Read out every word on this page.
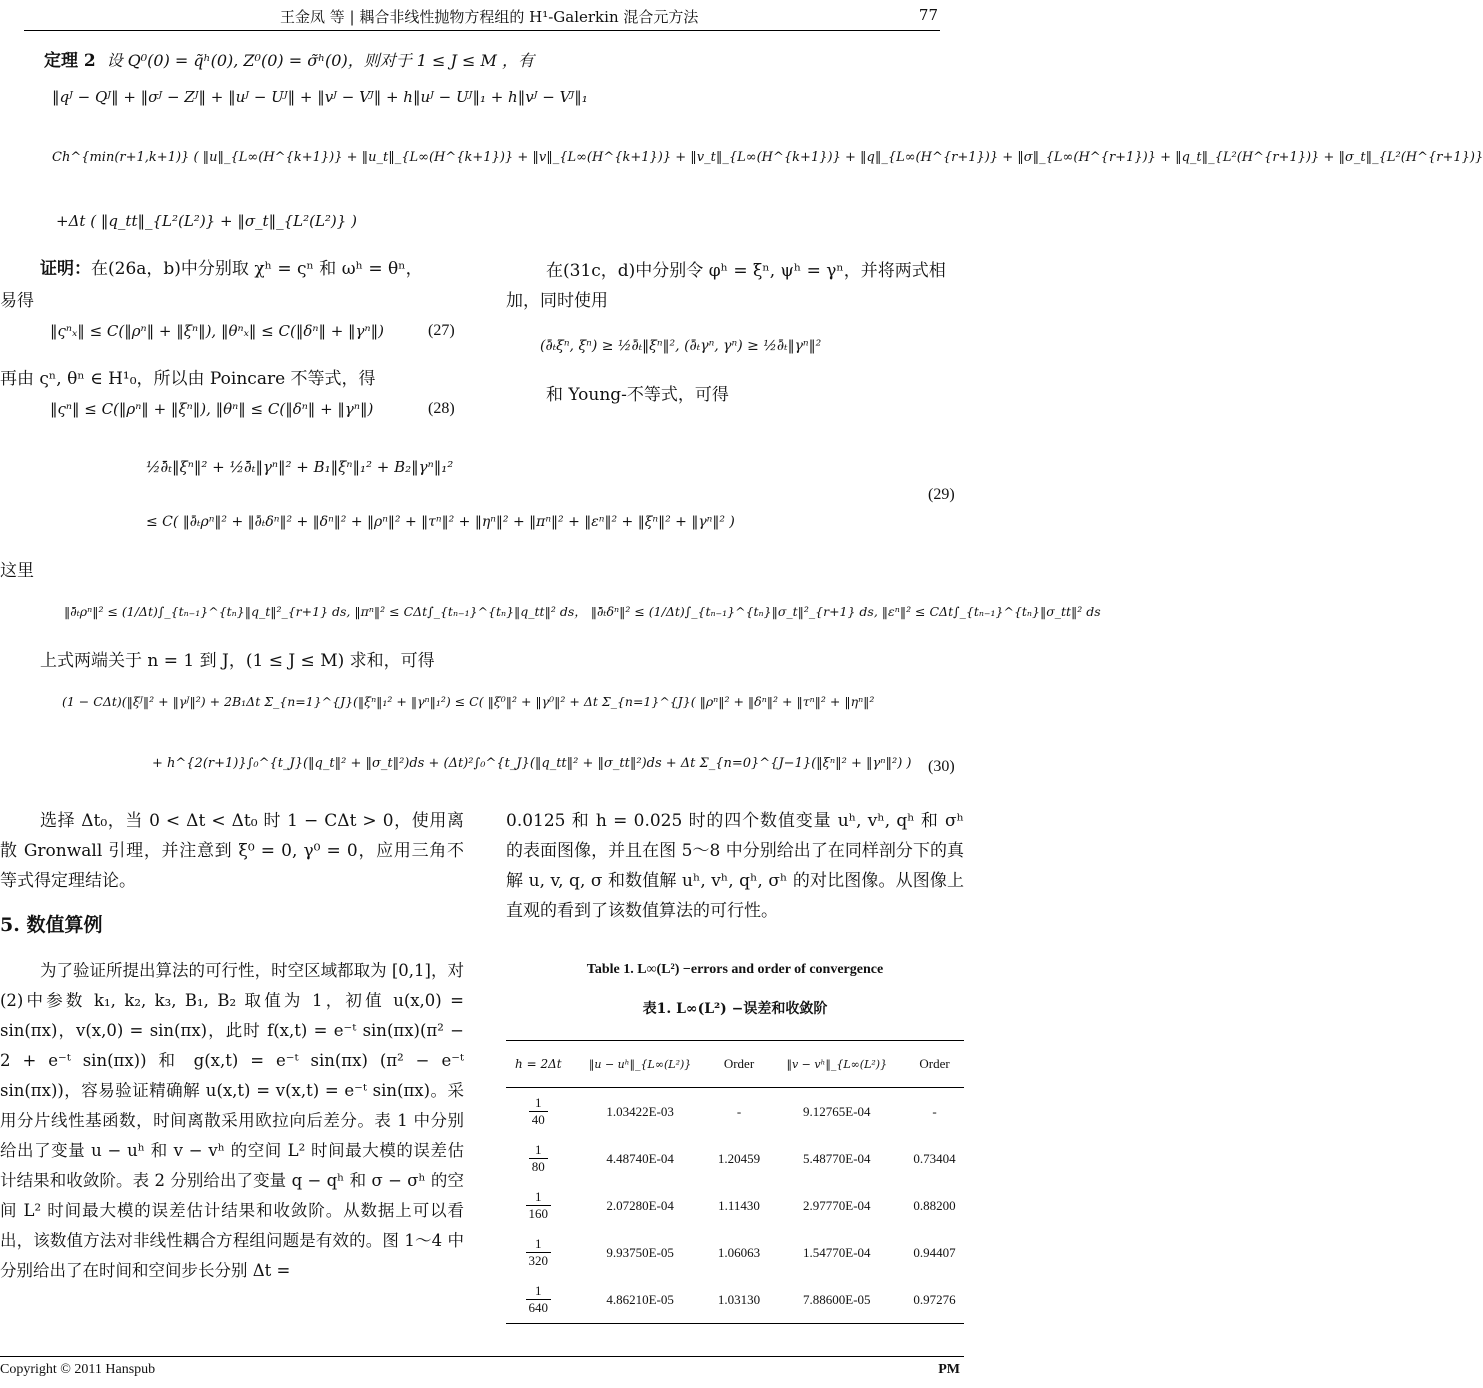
王金凤 等 | 耦合非线性抛物方程组的 H¹-Galerkin 混合元方法	77
定理 2 设 Q⁰(0) = q̃ʰ(0), Z⁰(0) = σ̃ʰ(0)，则对于 1 ≤ J ≤ M ，有
‖qᴶ − Qᴶ‖ + ‖σᴶ − Zᴶ‖ + ‖uᴶ − Uᴶ‖ + ‖vᴶ − Vᴶ‖ + h‖uᴶ − Uᴶ‖₁ + h‖vᴶ − Vᴶ‖₁
Ch^{min(r+1,k+1)} ( ‖u‖_{L∞(H^{k+1})} + ‖u_t‖_{L∞(H^{k+1})} + ‖v‖_{L∞(H^{k+1})} + ‖v_t‖_{L∞(H^{k+1})} + ‖q‖_{L∞(H^{r+1})} + ‖σ‖_{L∞(H^{r+1})} + ‖q_t‖_{L²(H^{r+1})} + ‖σ_t‖_{L²(H^{r+1})}
+Δt ( ‖q_tt‖_{L²(L²)} + ‖σ_t‖_{L²(L²)} )
证明：在(26a，b)中分别取 χʰ = ςⁿ 和 ωʰ = θⁿ，
易得
‖ςⁿₓ‖ ≤ C(‖ρⁿ‖ + ‖ξⁿ‖), ‖θⁿₓ‖ ≤ C(‖δⁿ‖ + ‖γⁿ‖)	(27)
再由 ςⁿ, θⁿ ∈ H¹₀，所以由 Poincare 不等式，得
‖ςⁿ‖ ≤ C(‖ρⁿ‖ + ‖ξⁿ‖), ‖θⁿ‖ ≤ C(‖δⁿ‖ + ‖γⁿ‖)	(28)
在(31c，d)中分别令 φʰ = ξⁿ, ψʰ = γⁿ，并将两式相
加，同时使用
(∂̄ₜξⁿ, ξⁿ) ≥ ½∂̄ₜ‖ξⁿ‖², (∂̄ₜγⁿ, γⁿ) ≥ ½∂̄ₜ‖γⁿ‖²
和 Young-不等式，可得
½∂̄ₜ‖ξⁿ‖² + ½∂̄ₜ‖γⁿ‖² + B₁‖ξⁿ‖₁² + B₂‖γⁿ‖₁²
≤ C( ‖∂̄ₜρⁿ‖² + ‖∂̄ₜδⁿ‖² + ‖δⁿ‖² + ‖ρⁿ‖² + ‖τⁿ‖² + ‖ηⁿ‖² + ‖πⁿ‖² + ‖εⁿ‖² + ‖ξⁿ‖² + ‖γⁿ‖² )
(29)
这里
‖∂̄ₜρⁿ‖² ≤ (1/Δt)∫_{tₙ₋₁}^{tₙ}‖q_t‖²_{r+1} ds, ‖πⁿ‖² ≤ CΔt∫_{tₙ₋₁}^{tₙ}‖q_tt‖² ds， ‖∂̄ₜδⁿ‖² ≤ (1/Δt)∫_{tₙ₋₁}^{tₙ}‖σ_t‖²_{r+1} ds, ‖εⁿ‖² ≤ CΔt∫_{tₙ₋₁}^{tₙ}‖σ_tt‖² ds
上式两端关于 n = 1 到 J，(1 ≤ J ≤ M) 求和，可得
(1 − CΔt)(‖ξᴶ‖² + ‖γᴶ‖²) + 2B₁Δt Σ_{n=1}^{J}(‖ξⁿ‖₁² + ‖γⁿ‖₁²) ≤ C( ‖ξ⁰‖² + ‖γ⁰‖² + Δt Σ_{n=1}^{J}( ‖ρⁿ‖² + ‖δⁿ‖² + ‖τⁿ‖² + ‖ηⁿ‖²
+ h^{2(r+1)}∫₀^{t_J}(‖q_t‖² + ‖σ_t‖²)ds + (Δt)²∫₀^{t_J}(‖q_tt‖² + ‖σ_tt‖²)ds + Δt Σ_{n=0}^{J−1}(‖ξⁿ‖² + ‖γⁿ‖²) ) (30)
选择 Δt₀，当 0 < Δt < Δt₀ 时 1 − CΔt > 0，使用离散 Gronwall 引理，并注意到 ξ⁰ = 0, γ⁰ = 0，应用三角不等式得定理结论。
5. 数值算例
为了验证所提出算法的可行性，时空区域都取为 [0,1]，对(2)中参数 k₁, k₂, k₃, B₁, B₂ 取值为 1，初值 u(x,0) = sin(πx)，v(x,0) = sin(πx)，此时 f(x,t) = e⁻ᵗ sin(πx)(π² − 2 + e⁻ᵗ sin(πx)) 和 g(x,t) = e⁻ᵗ sin(πx) (π² − e⁻ᵗ sin(πx))，容易验证精确解 u(x,t) = v(x,t) = e⁻ᵗ sin(πx)。采用分片线性基函数，时间离散采用欧拉向后差分。表 1 中分别给出了变量 u − uʰ 和 v − vʰ 的空间 L² 时间最大模的误差估计结果和收敛阶。表 2 分别给出了变量 q − qʰ 和 σ − σʰ 的空间 L² 时间最大模的误差估计结果和收敛阶。从数据上可以看出，该数值方法对非线性耦合方程组问题是有效的。图 1～4 中分别给出了在时间和空间步长分别 Δt =
0.0125 和 h = 0.025 时的四个数值变量 uʰ, vʰ, qʰ 和 σʰ 的表面图像，并且在图 5～8 中分别给出了在同样剖分下的真解 u, v, q, σ 和数值解 uʰ, vʰ, qʰ, σʰ 的对比图像。从图像上直观的看到了该数值算法的可行性。
Table 1. L∞(L²) −errors and order of convergence
表1. L∞(L²) −误差和收敛阶
h = 2Δt	‖u − uʰ‖_{L∞(L²)}	Order	‖v − vʰ‖_{L∞(L²)}	Order

$\frac{1}{40}$	1.03422E-03	-	9.12765E-04	-

$\frac{1}{80}$	4.48740E-04	1.20459	5.48770E-04	0.73404

$\frac{1}{160}$	2.07280E-04	1.11430	2.97770E-04	0.88200

$\frac{1}{320}$	9.93750E-05	1.06063	1.54770E-04	0.94407

$\frac{1}{640}$	4.86210E-05	1.03130	7.88600E-05	0.97276
Copyright © 2011 Hanspub	PM
